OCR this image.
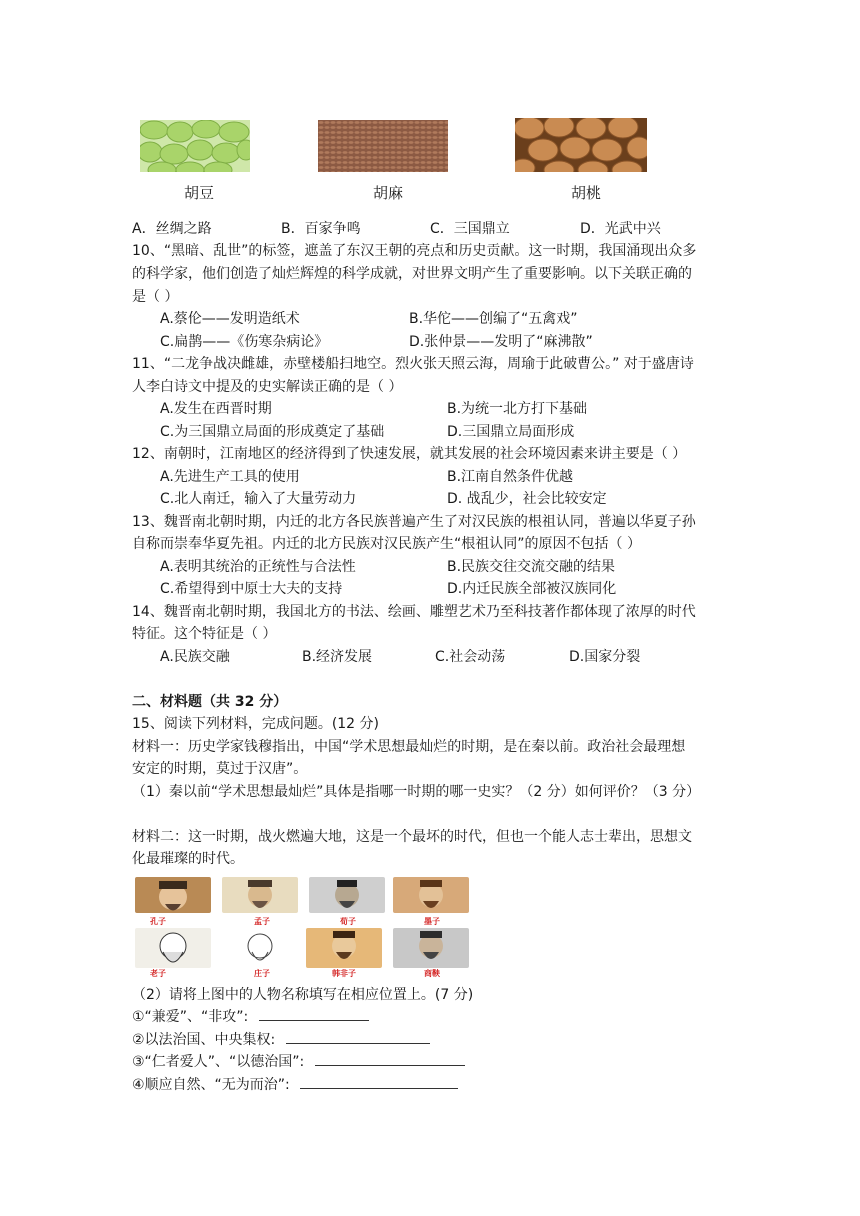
胡豆	胡麻	胡桃
A．丝绸之路	B．百家争鸣	C．三国鼎立	D．光武中兴
10、“黑暗、乱世”的标签，遮盖了东汉王朝的亮点和历史贡献。这一时期，我国涌现出众多
的科学家，他们创造了灿烂辉煌的科学成就，对世界文明产生了重要影响。以下关联正确的
是（ ）
A.蔡伦——发明造纸术	B.华佗——创编了“五禽戏”
C.扁鹊——《伤寒杂病论》	D.张仲景——发明了“麻沸散”
11、“二龙争战决雌雄，赤壁楼船扫地空。烈火张天照云海，周瑜于此破曹公。” 对于盛唐诗
人李白诗文中提及的史实解读正确的是（ ）
A.发生在西晋时期	B.为统一北方打下基础
C.为三国鼎立局面的形成奠定了基础	D.三国鼎立局面形成
12、南朝时，江南地区的经济得到了快速发展，就其发展的社会环境因素来讲主要是（ ）
A.先进生产工具的使用	B.江南自然条件优越
C.北人南迁，输入了大量劳动力	D. 战乱少，社会比较安定
13、魏晋南北朝时期，内迁的北方各民族普遍产生了对汉民族的根祖认同，普遍以华夏子孙
自称而崇奉华夏先祖。内迁的北方民族对汉民族产生“根祖认同”的原因不包括（ ）
A.表明其统治的正统性与合法性	B.民族交往交流交融的结果
C.希望得到中原士大夫的支持	D.内迁民族全部被汉族同化
14、魏晋南北朝时期，我国北方的书法、绘画、雕塑艺术乃至科技著作都体现了浓厚的时代
特征。这个特征是（ ）
A.民族交融	B.经济发展	C.社会动荡	D.国家分裂
二、材料题（共 32 分）
15、阅读下列材料，完成问题。(12 分)
材料一：历史学家钱穆指出，中国“学术思想最灿烂的时期，是在秦以前。政治社会最理想
安定的时期，莫过于汉唐”。
（1）秦以前“学术思想最灿烂”具体是指哪一时期的哪一史实？（2 分）如何评价？（3 分）
材料二：这一时期，战火燃遍大地，这是一个最坏的时代，但也一个能人志士辈出，思想文
化最璀璨的时代。
孔子	孟子	荀子	墨子
老子	庄子	韩非子	商鞅
（2）请将上图中的人物名称填写在相应位置上。(7 分)
①“兼爱”、“非攻”:
②以法治国、中央集权:
③“仁者爱人”、“以德治国”:
④顺应自然、“无为而治”:
